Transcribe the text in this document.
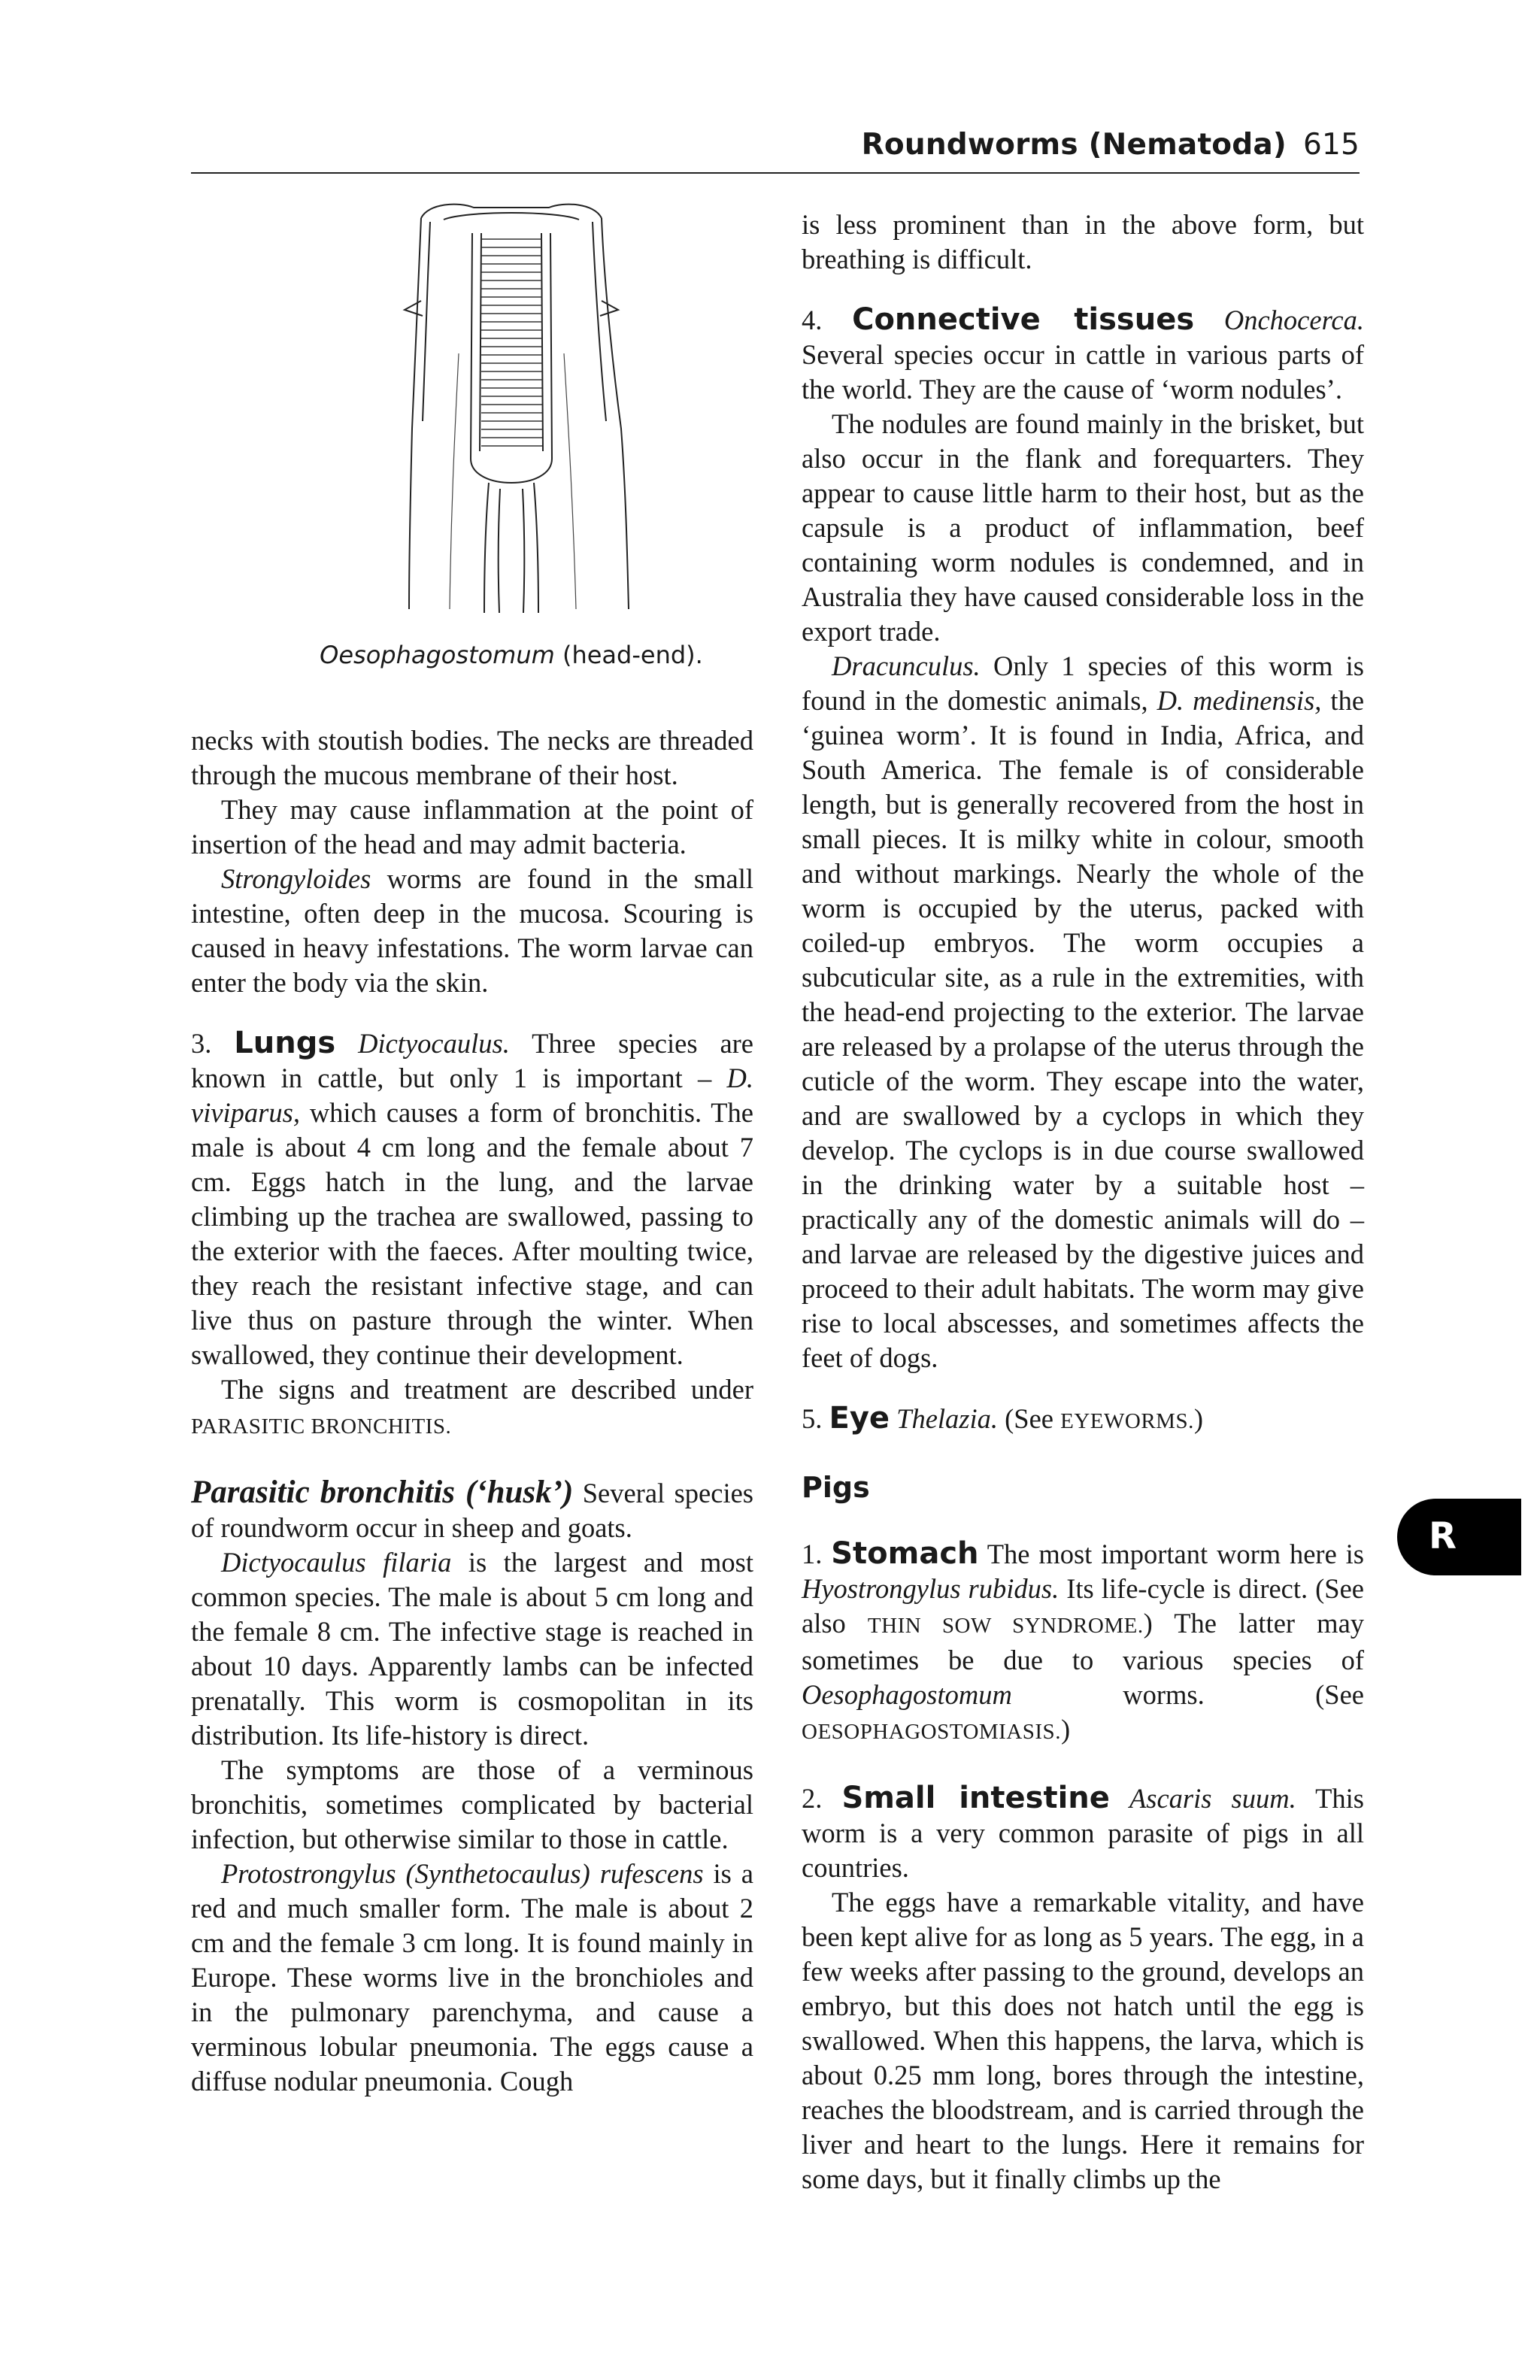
Roundworms (Nematoda) 615
Oesophagostomum (head-end).

necks with stoutish bodies. The necks are threaded through the mucous membrane of their host.

They may cause inflammation at the point of insertion of the head and may admit bacteria.

Strongyloides worms are found in the small intestine, often deep in the mucosa. Scouring is caused in heavy infestations. The worm larvae can enter the body via the skin.

3. Lungs Dictyocaulus. Three species are known in cattle, but only 1 is important – D. viviparus, which causes a form of bronchitis. The male is about 4 cm long and the female about 7 cm. Eggs hatch in the lung, and the larvae climbing up the trachea are swallowed, passing to the exterior with the faeces. After moulting twice, they reach the resistant infective stage, and can live thus on pasture through the winter. When swallowed, they continue their development.

The signs and treatment are described under PARASITIC BRONCHITIS.

Parasitic bronchitis (‘husk’) Several species of roundworm occur in sheep and goats.

Dictyocaulus filaria is the largest and most common species. The male is about 5 cm long and the female 8 cm. The infective stage is reached in about 10 days. Apparently lambs can be infected prenatally. This worm is cosmopolitan in its distribution. Its life-history is direct.

The symptoms are those of a verminous bronchitis, sometimes complicated by bacterial infection, but otherwise similar to those in cattle.

Protostrongylus (Synthetocaulus) rufescens is a red and much smaller form. The male is about 2 cm and the female 3 cm long. It is found mainly in Europe. These worms live in the bronchioles and in the pulmonary parenchyma, and cause a verminous lobular pneumonia. The eggs cause a diffuse nodular pneumonia. Cough

is less prominent than in the above form, but breathing is difficult.

4. Connective tissues Onchocerca. Several species occur in cattle in various parts of the world. They are the cause of ‘worm nodules’.

The nodules are found mainly in the brisket, but also occur in the flank and forequarters. They appear to cause little harm to their host, but as the capsule is a product of inflammation, beef containing worm nodules is condemned, and in Australia they have caused considerable loss in the export trade.

Dracunculus. Only 1 species of this worm is found in the domestic animals, D. medinensis, the ‘guinea worm’. It is found in India, Africa, and South America. The female is of considerable length, but is generally recovered from the host in small pieces. It is milky white in colour, smooth and without markings. Nearly the whole of the worm is occupied by the uterus, packed with coiled-up embryos. The worm occupies a subcuticular site, as a rule in the extremities, with the head-end projecting to the exterior. The larvae are released by a prolapse of the uterus through the cuticle of the worm. They escape into the water, and are swallowed by a cyclops in which they develop. The cyclops is in due course swallowed in the drinking water by a suitable host – practically any of the domestic animals will do – and larvae are released by the digestive juices and proceed to their adult habitats. The worm may give rise to local abscesses, and sometimes affects the feet of dogs.

5. Eye Thelazia. (See EYEWORMS.)

Pigs

1. Stomach The most important worm here is Hyostrongylus rubidus. Its life-cycle is direct. (See also THIN SOW SYNDROME.) The latter may sometimes be due to various species of Oesophagostomum	worms. (See OESOPHAGOSTOMIASIS.)

2. Small intestine Ascaris suum. This worm is a very common parasite of pigs in all countries.

The eggs have a remarkable vitality, and have been kept alive for as long as 5 years. The egg, in a few weeks after passing to the ground, develops an embryo, but this does not hatch until the egg is swallowed. When this happens, the larva, which is about 0.25 mm long, bores through the intestine, reaches the bloodstream, and is carried through the liver and heart to the lungs. Here it remains for some days, but it finally climbs up the

R
